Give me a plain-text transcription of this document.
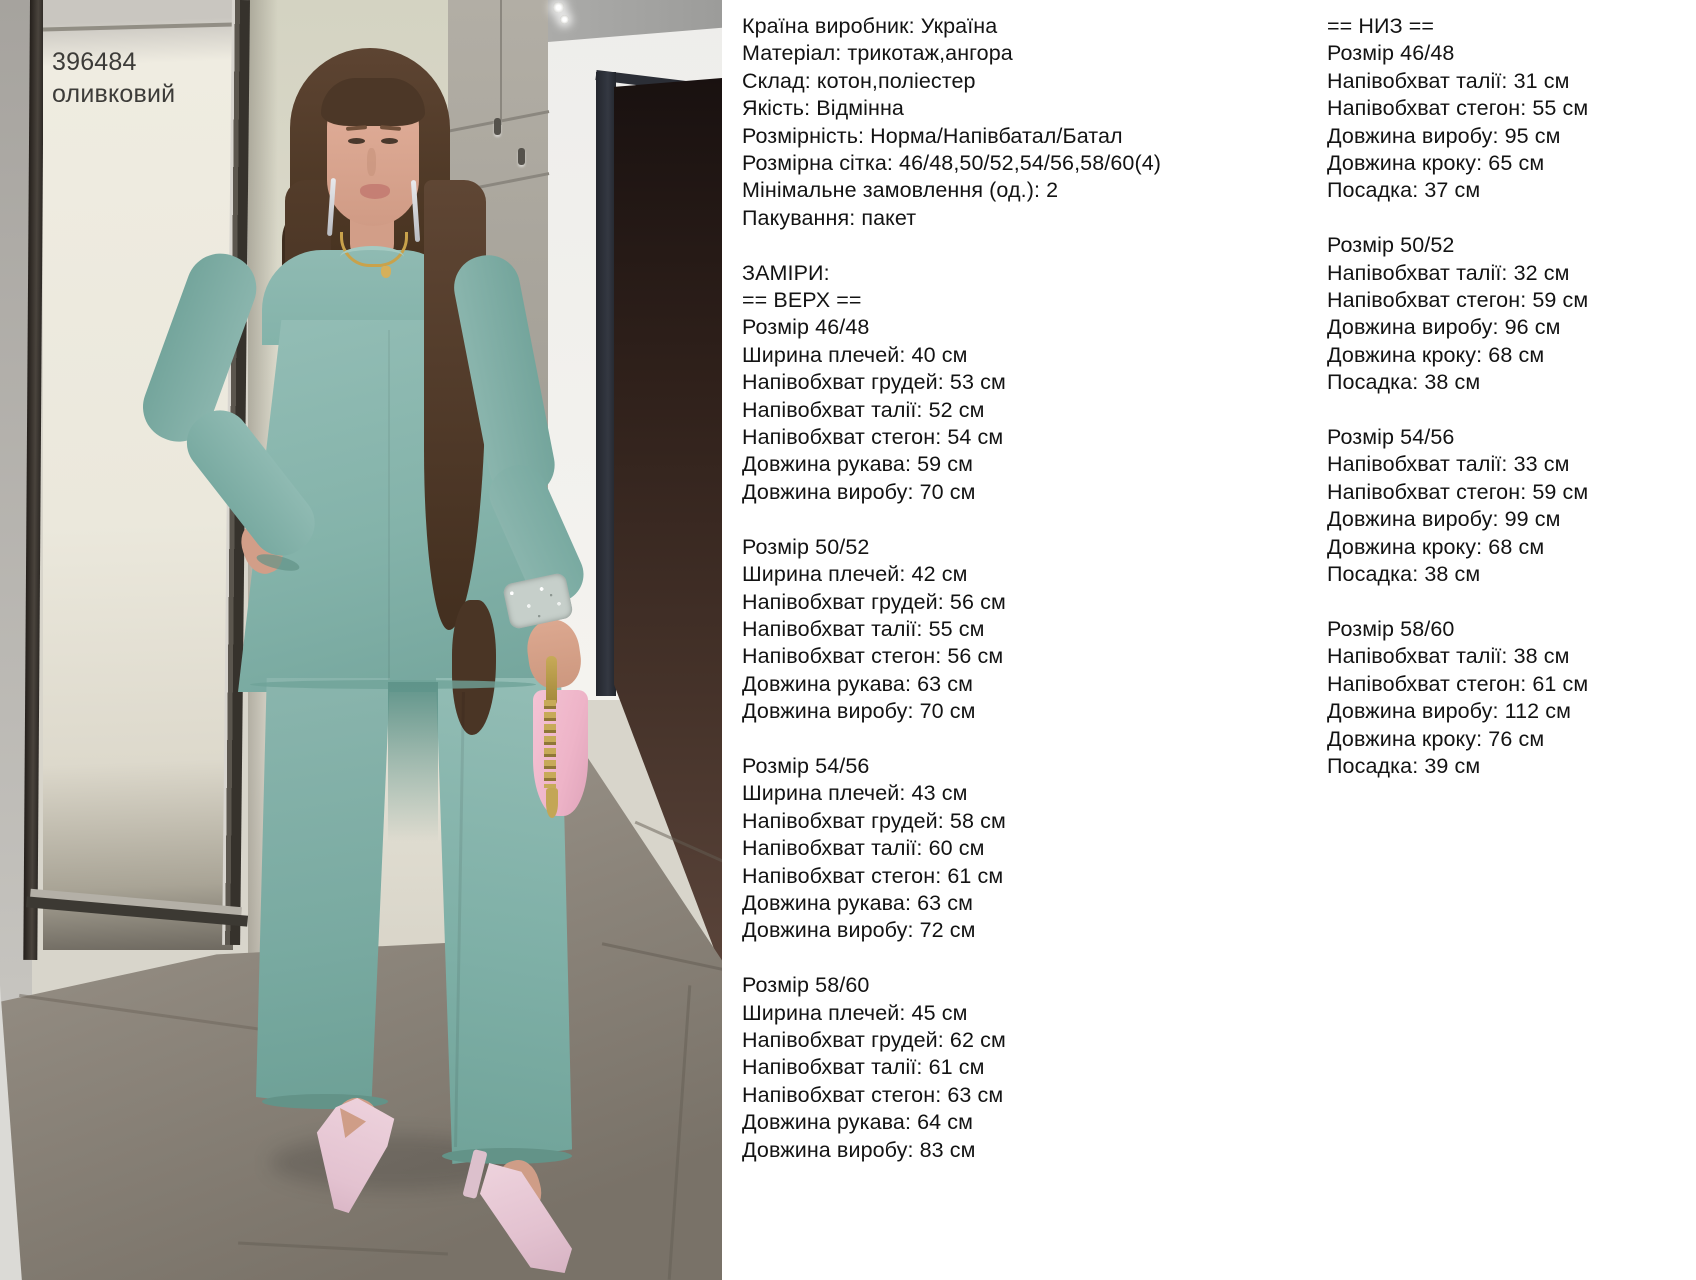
396484
оливковий
Країна виробник: Україна
Матеріал: трикотаж,ангора
Склад: котон,поліестер
Якість: Відмінна
Розмірність: Норма/Напівбатал/Батал
Розмірна сітка: 46/48,50/52,54/56,58/60(4)
Мінімальне замовлення (од.): 2
Пакування: пакет
ЗАМІРИ:
== ВЕРХ ==
Розмір 46/48
Ширина плечей: 40 см
Напівобхват грудей: 53 см
Напівобхват талії: 52 см
Напівобхват стегон: 54 см
Довжина рукава: 59 см
Довжина виробу: 70 см
Розмір 50/52
Ширина плечей: 42 см
Напівобхват грудей: 56 см
Напівобхват талії: 55 см
Напівобхват стегон: 56 см
Довжина рукава: 63 см
Довжина виробу: 70 см
Розмір 54/56
Ширина плечей: 43 см
Напівобхват грудей: 58 см
Напівобхват талії: 60 см
Напівобхват стегон: 61 см
Довжина рукава: 63 см
Довжина виробу: 72 см
Розмір 58/60
Ширина плечей: 45 см
Напівобхват грудей: 62 см
Напівобхват талії: 61 см
Напівобхват стегон: 63 см
Довжина рукава: 64 см
Довжина виробу: 83 см
== НИЗ ==
Розмір 46/48
Напівобхват талії: 31 см
Напівобхват стегон: 55 см
Довжина виробу: 95 см
Довжина кроку: 65 см
Посадка: 37 см
Розмір 50/52
Напівобхват талії: 32 см
Напівобхват стегон: 59 см
Довжина виробу: 96 см
Довжина кроку: 68 см
Посадка: 38 см
Розмір 54/56
Напівобхват талії: 33 см
Напівобхват стегон: 59 см
Довжина виробу: 99 см
Довжина кроку: 68 см
Посадка: 38 см
Розмір 58/60
Напівобхват талії: 38 см
Напівобхват стегон: 61 см
Довжина виробу: 112 см
Довжина кроку: 76 см
Посадка: 39 см
